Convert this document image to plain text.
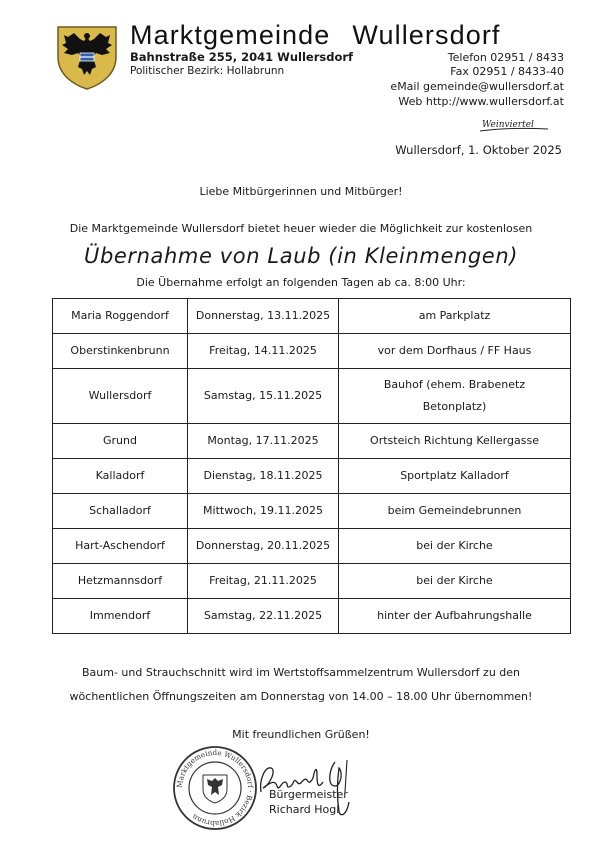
Marktgemeinde Wullersdorf
Bahnstraße 255, 2041 Wullersdorf
Politischer Bezirk: Hollabrunn
Telefon 02951 / 8433
Fax 02951 / 8433-40
eMail gemeinde@wullersdorf.at
Web http://www.wullersdorf.at
Weinviertel
Wullersdorf, 1. Oktober 2025
Liebe Mitbürgerinnen und Mitbürger!
Die Marktgemeinde Wullersdorf bietet heuer wieder die Möglichkeit zur kostenlosen
Übernahme von Laub (in Kleinmengen)
Die Übernahme erfolgt an folgenden Tagen ab ca. 8:00 Uhr:
Maria Roggendorf	Donnerstag, 13.11.2025	am Parkplatz
Oberstinkenbrunn	Freitag, 14.11.2025	vor dem Dorfhaus / FF Haus
Wullersdorf	Samstag, 15.11.2025	Bauhof (ehem. Brabenetz Betonplatz)
Grund	Montag, 17.11.2025	Ortsteich Richtung Kellergasse
Kalladorf	Dienstag, 18.11.2025	Sportplatz Kalladorf
Schalladorf	Mittwoch, 19.11.2025	beim Gemeindebrunnen
Hart-Aschendorf	Donnerstag, 20.11.2025	bei der Kirche
Hetzmannsdorf	Freitag, 21.11.2025	bei der Kirche
Immendorf	Samstag, 22.11.2025	hinter der Aufbahrungshalle
Baum- und Strauchschnitt wird im Wertstoffsammelzentrum Wullersdorf zu den
wöchentlichen Öffnungszeiten am Donnerstag von 14.00 – 18.00 Uhr übernommen!
Mit freundlichen Grüßen!
Marktgemeinde Wullersdorf · Bezirk Hollabrunn
Bürgermeister
Richard Hogl
